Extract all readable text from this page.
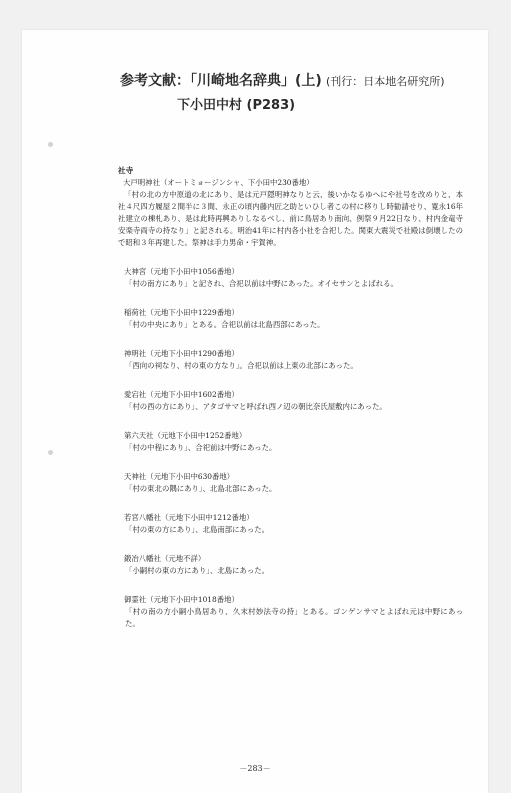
参考文献：「川崎地名辞典」(上) (刊行：日本地名研究所)
下小田中村 (P283)
社寺
大戸明神社（オートミョージンシャ、下小田中230番地）
「村の北の方中原道の北にあり、是は元戸隠明神なりと云、後いかなるゆへにや社号を改めりと、本社４尺四方履屋２間半に３間、永正の頃内藤内匠之助といひし者この村に移りし時勧請せり、寛永16年社建立の棟札あり、是は此時再興ありしなるべし、前に鳥居あり南向、例祭９月22日なり、村内金竜寺安楽寺両寺の持なり」と記される。明治41年に村内各小社を合祀した。関東大震災で社殿は倒壊したので昭和３年再建した。祭神は手力男命・宇賀神。
大神宮（元地下小田中1056番地）
「村の南方にあり」と記され、合祀以前は中野にあった。オイセサンとよばれる。
稲荷社（元地下小田中1229番地）
「村の中央にあり」とある。合祀以前は北島西部にあった。
神明社（元地下小田中1290番地）
「西向の祠なり、村の東の方なり」。合祀以前は上東の北部にあった。
愛宕社（元地下小田中1602番地）
「村の西の方にあり」、アタゴサマと呼ばれ西ノ辺の朝比奈氏屋敷内にあった。
第六天社（元地下小田中1252番地）
「村の中程にあり」、合祀前は中野にあった。
天神社（元地下小田中630番地）
「村の東北の隅にあり」、北島北部にあった。
若宮八幡社（元地下小田中1212番地）
「村の東の方にあり」、北島南部にあった。
鍛冶八幡社（元地不詳）
「小嗣村の東の方にあり」、北島にあった。
御霊社（元地下小田中1018番地）
「村の南の方小嗣小鳥居あり、久末村妙法寺の持」とある。ゴンゲンサマとよばれ元は中野にあった。
－283－
